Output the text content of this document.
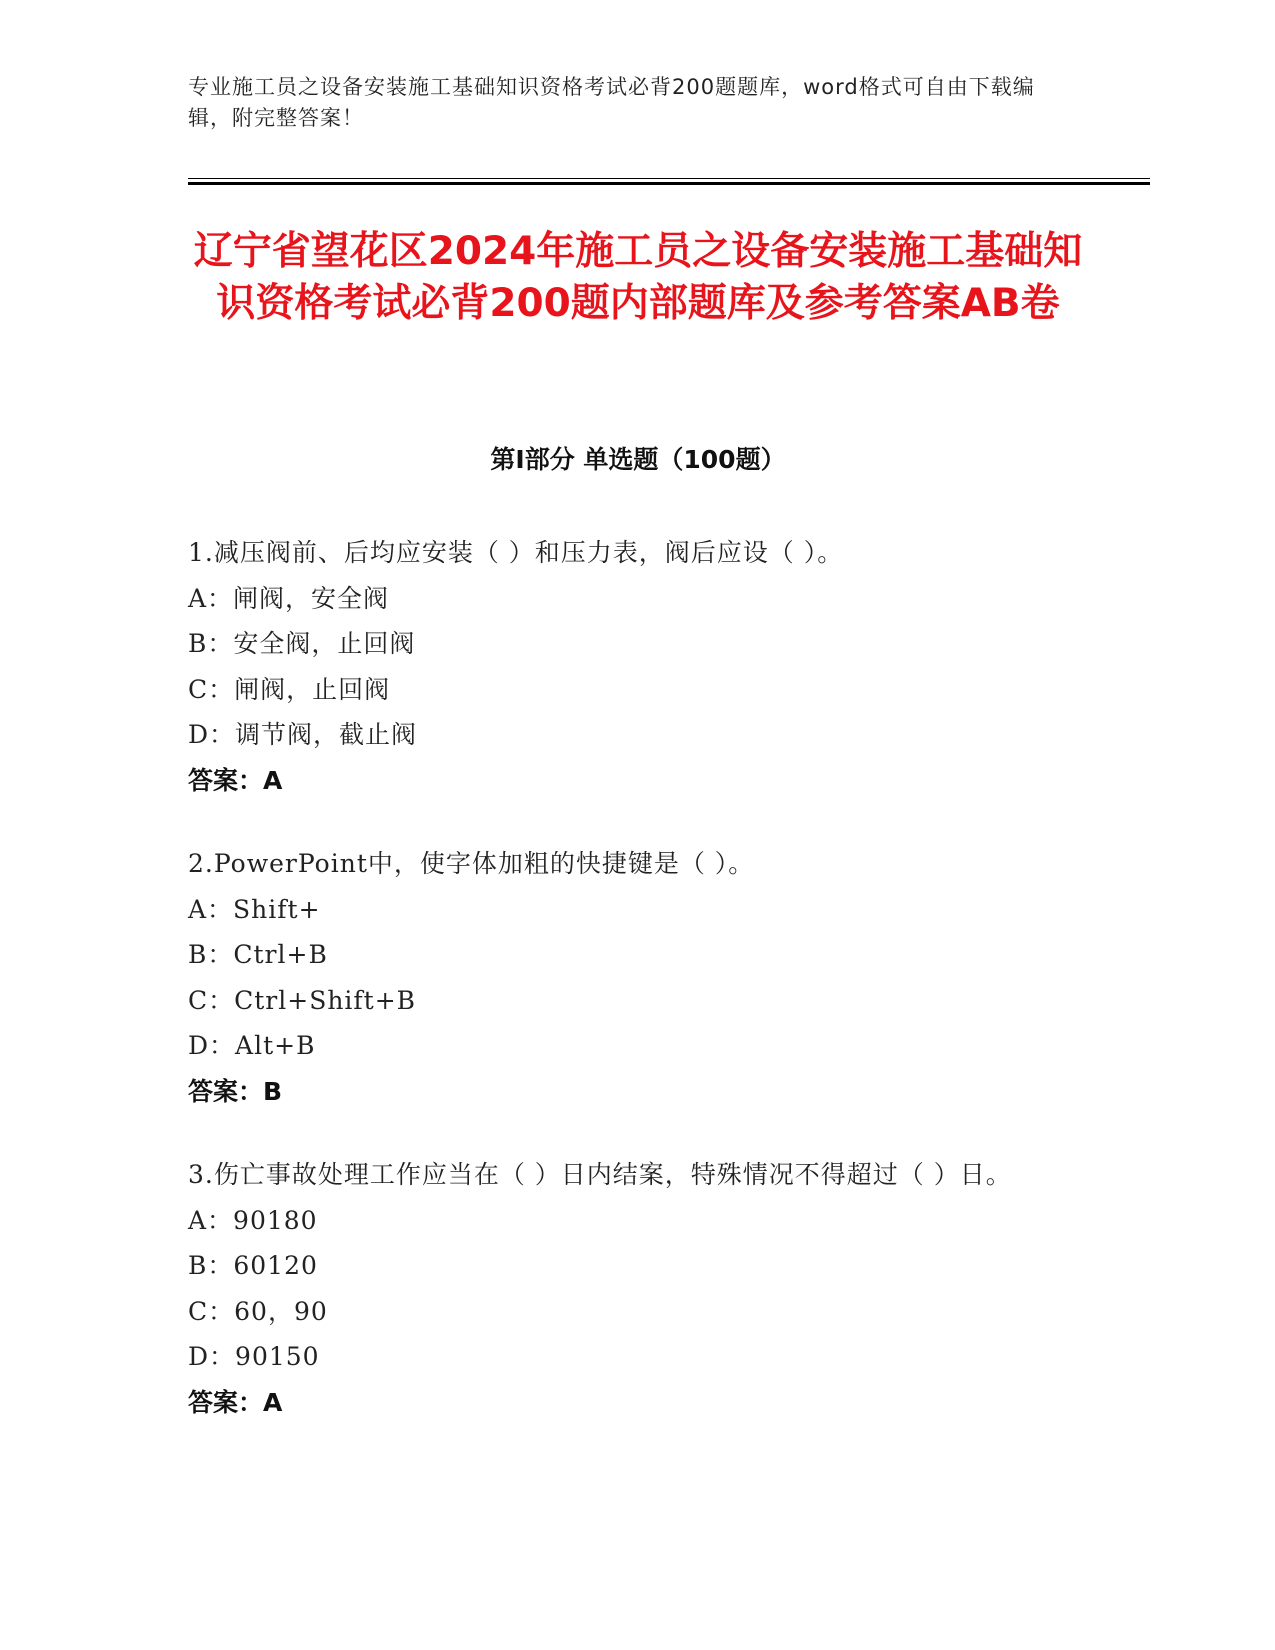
专业施工员之设备安装施工基础知识资格考试必背200题题库，word格式可自由下载编辑，附完整答案！
辽宁省望花区2024年施工员之设备安装施工基础知识资格考试必背200题内部题库及参考答案AB卷
第Ⅰ部分 单选题（100题）
1.减压阀前、后均应安装（ ）和压力表，阀后应设（ ）。
A：闸阀，安全阀
B：安全阀，止回阀
C：闸阀，止回阀
D：调节阀，截止阀
答案：A
2.PowerPoint中，使字体加粗的快捷键是（ ）。
A：Shift+
B：Ctrl+B
C：Ctrl+Shift+B
D：Alt+B
答案：B
3.伤亡事故处理工作应当在（ ）日内结案，特殊情况不得超过（ ）日。
A：90180
B：60120
C：60，90
D：90150
答案：A
